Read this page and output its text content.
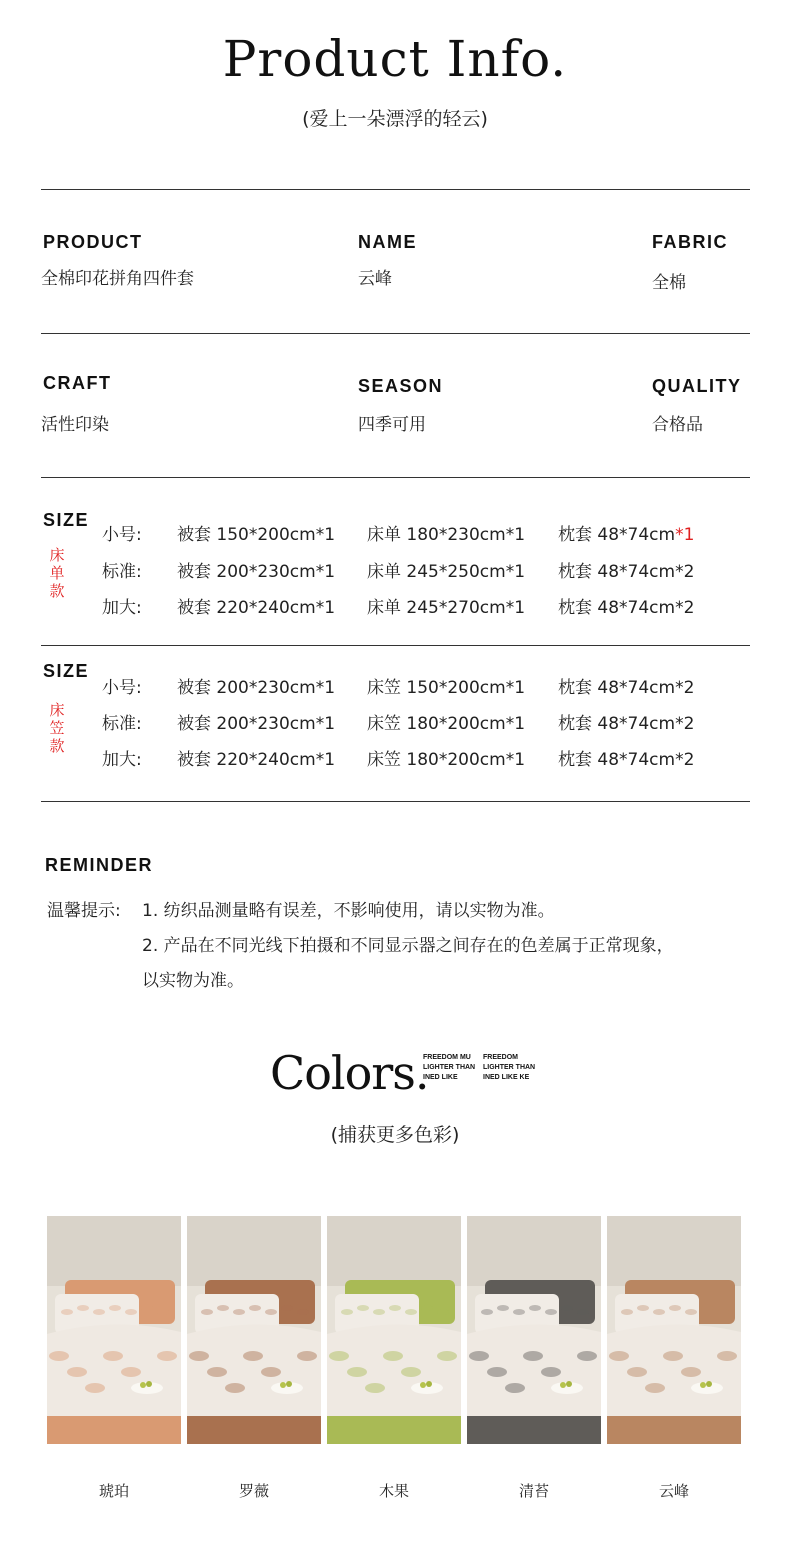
Product Info.
(爱上一朵漂浮的轻云)
PRODUCT
全棉印花拼角四件套
NAME
云峰
FABRIC
全棉
CRAFT
活性印染
SEASON
四季可用
QUALITY
合格品
SIZE
床
单
款
小号: 被套 150*200cm*1 床单 180*230cm*1 枕套 48*74cm*1
标准: 被套 200*230cm*1 床单 245*250cm*1 枕套 48*74cm*2
加大: 被套 220*240cm*1 床单 245*270cm*1 枕套 48*74cm*2
SIZE
床
笠
款
小号: 被套 200*230cm*1 床笠 150*200cm*1 枕套 48*74cm*2
标准: 被套 200*230cm*1 床笠 180*200cm*1 枕套 48*74cm*2
加大: 被套 220*240cm*1 床笠 180*200cm*1 枕套 48*74cm*2
REMINDER
温馨提示: 1. 纺织品测量略有误差，不影响使用，请以实物为准。
2. 产品在不同光线下拍摄和不同显示器之间存在的色差属于正常现象，
以实物为准。
Colors.
FREEDOM MU
LIGHTER THAN
INED LIKE
FREEDOM
LIGHTER THAN
INED LIKE KE
(捕获更多色彩)
琥珀	罗薇	木果	清苔	云峰
